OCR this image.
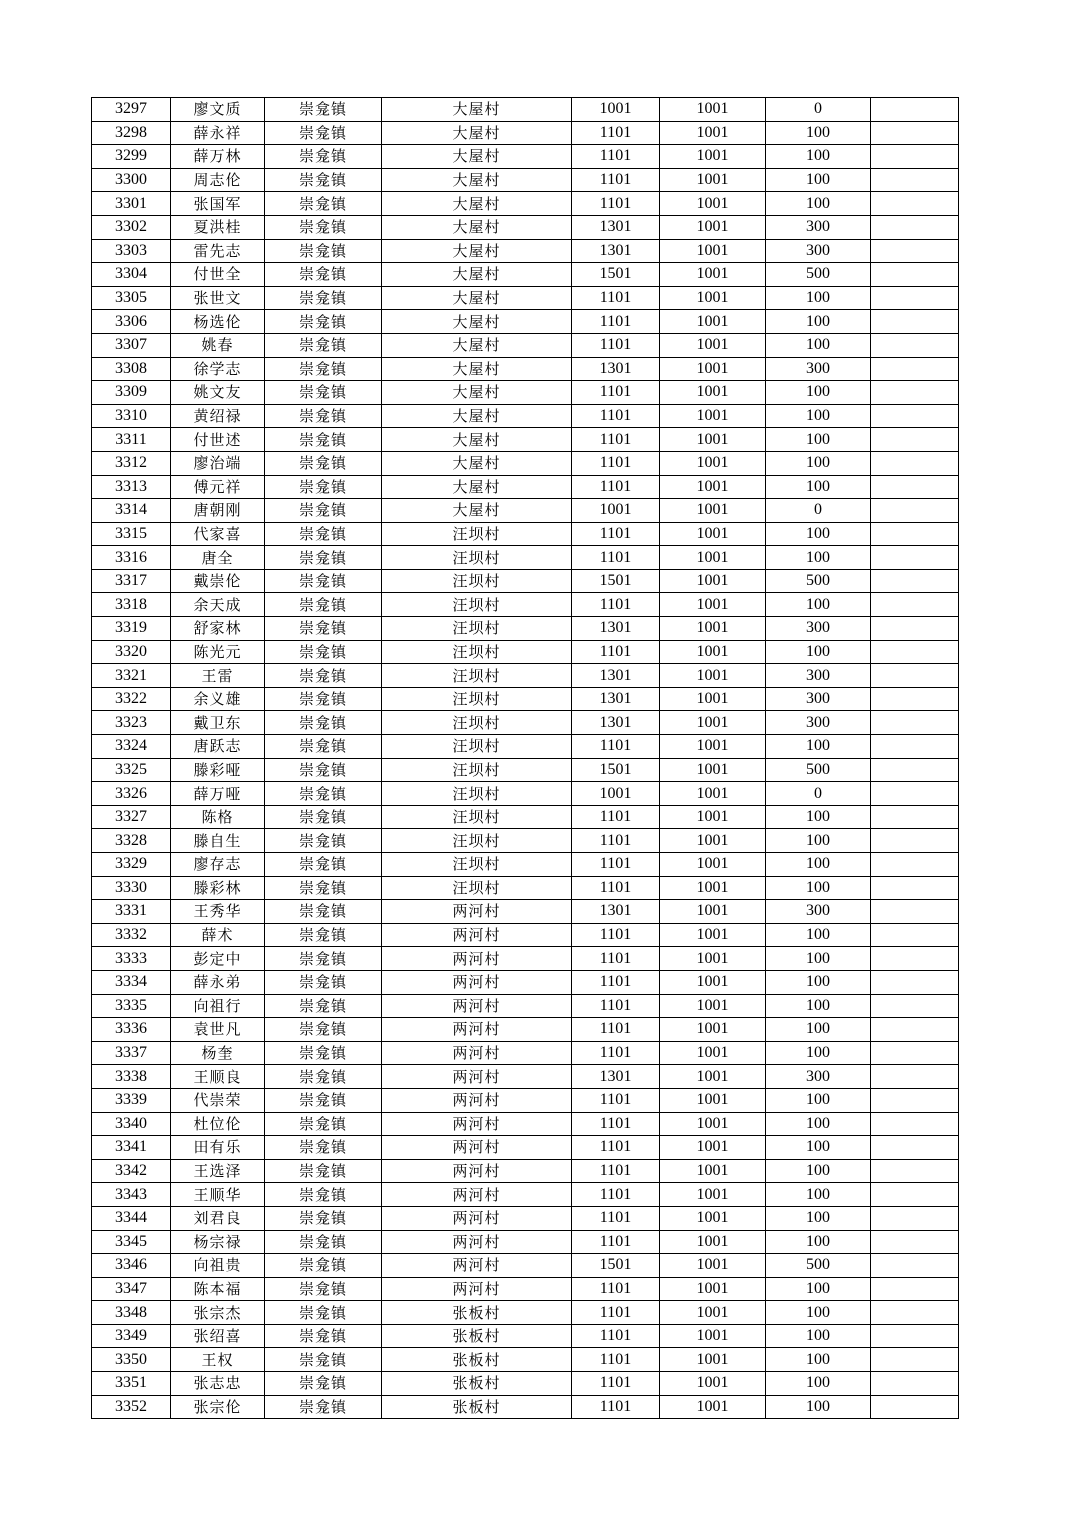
3297	廖文质	崇龛镇	大屋村	1001	1001	0	
3298	薛永祥	崇龛镇	大屋村	1101	1001	100	
3299	薛万林	崇龛镇	大屋村	1101	1001	100	
3300	周志伦	崇龛镇	大屋村	1101	1001	100	
3301	张国军	崇龛镇	大屋村	1101	1001	100	
3302	夏洪桂	崇龛镇	大屋村	1301	1001	300	
3303	雷先志	崇龛镇	大屋村	1301	1001	300	
3304	付世全	崇龛镇	大屋村	1501	1001	500	
3305	张世文	崇龛镇	大屋村	1101	1001	100	
3306	杨选伦	崇龛镇	大屋村	1101	1001	100	
3307	姚春	崇龛镇	大屋村	1101	1001	100	
3308	徐学志	崇龛镇	大屋村	1301	1001	300	
3309	姚文友	崇龛镇	大屋村	1101	1001	100	
3310	黄绍禄	崇龛镇	大屋村	1101	1001	100	
3311	付世述	崇龛镇	大屋村	1101	1001	100	
3312	廖治端	崇龛镇	大屋村	1101	1001	100	
3313	傅元祥	崇龛镇	大屋村	1101	1001	100	
3314	唐朝刚	崇龛镇	大屋村	1001	1001	0	
3315	代家喜	崇龛镇	汪坝村	1101	1001	100	
3316	唐全	崇龛镇	汪坝村	1101	1001	100	
3317	戴崇伦	崇龛镇	汪坝村	1501	1001	500	
3318	余天成	崇龛镇	汪坝村	1101	1001	100	
3319	舒家林	崇龛镇	汪坝村	1301	1001	300	
3320	陈光元	崇龛镇	汪坝村	1101	1001	100	
3321	王雷	崇龛镇	汪坝村	1301	1001	300	
3322	余义雄	崇龛镇	汪坝村	1301	1001	300	
3323	戴卫东	崇龛镇	汪坝村	1301	1001	300	
3324	唐跃志	崇龛镇	汪坝村	1101	1001	100	
3325	滕彩哑	崇龛镇	汪坝村	1501	1001	500	
3326	薛万哑	崇龛镇	汪坝村	1001	1001	0	
3327	陈格	崇龛镇	汪坝村	1101	1001	100	
3328	滕自生	崇龛镇	汪坝村	1101	1001	100	
3329	廖存志	崇龛镇	汪坝村	1101	1001	100	
3330	滕彩林	崇龛镇	汪坝村	1101	1001	100	
3331	王秀华	崇龛镇	两河村	1301	1001	300	
3332	薛术	崇龛镇	两河村	1101	1001	100	
3333	彭定中	崇龛镇	两河村	1101	1001	100	
3334	薛永弟	崇龛镇	两河村	1101	1001	100	
3335	向祖行	崇龛镇	两河村	1101	1001	100	
3336	袁世凡	崇龛镇	两河村	1101	1001	100	
3337	杨奎	崇龛镇	两河村	1101	1001	100	
3338	王顺良	崇龛镇	两河村	1301	1001	300	
3339	代崇荣	崇龛镇	两河村	1101	1001	100	
3340	杜位伦	崇龛镇	两河村	1101	1001	100	
3341	田有乐	崇龛镇	两河村	1101	1001	100	
3342	王选泽	崇龛镇	两河村	1101	1001	100	
3343	王顺华	崇龛镇	两河村	1101	1001	100	
3344	刘君良	崇龛镇	两河村	1101	1001	100	
3345	杨宗禄	崇龛镇	两河村	1101	1001	100	
3346	向祖贵	崇龛镇	两河村	1501	1001	500	
3347	陈本福	崇龛镇	两河村	1101	1001	100	
3348	张宗杰	崇龛镇	张板村	1101	1001	100	
3349	张绍喜	崇龛镇	张板村	1101	1001	100	
3350	王权	崇龛镇	张板村	1101	1001	100	
3351	张志忠	崇龛镇	张板村	1101	1001	100	
3352	张宗伦	崇龛镇	张板村	1101	1001	100	
